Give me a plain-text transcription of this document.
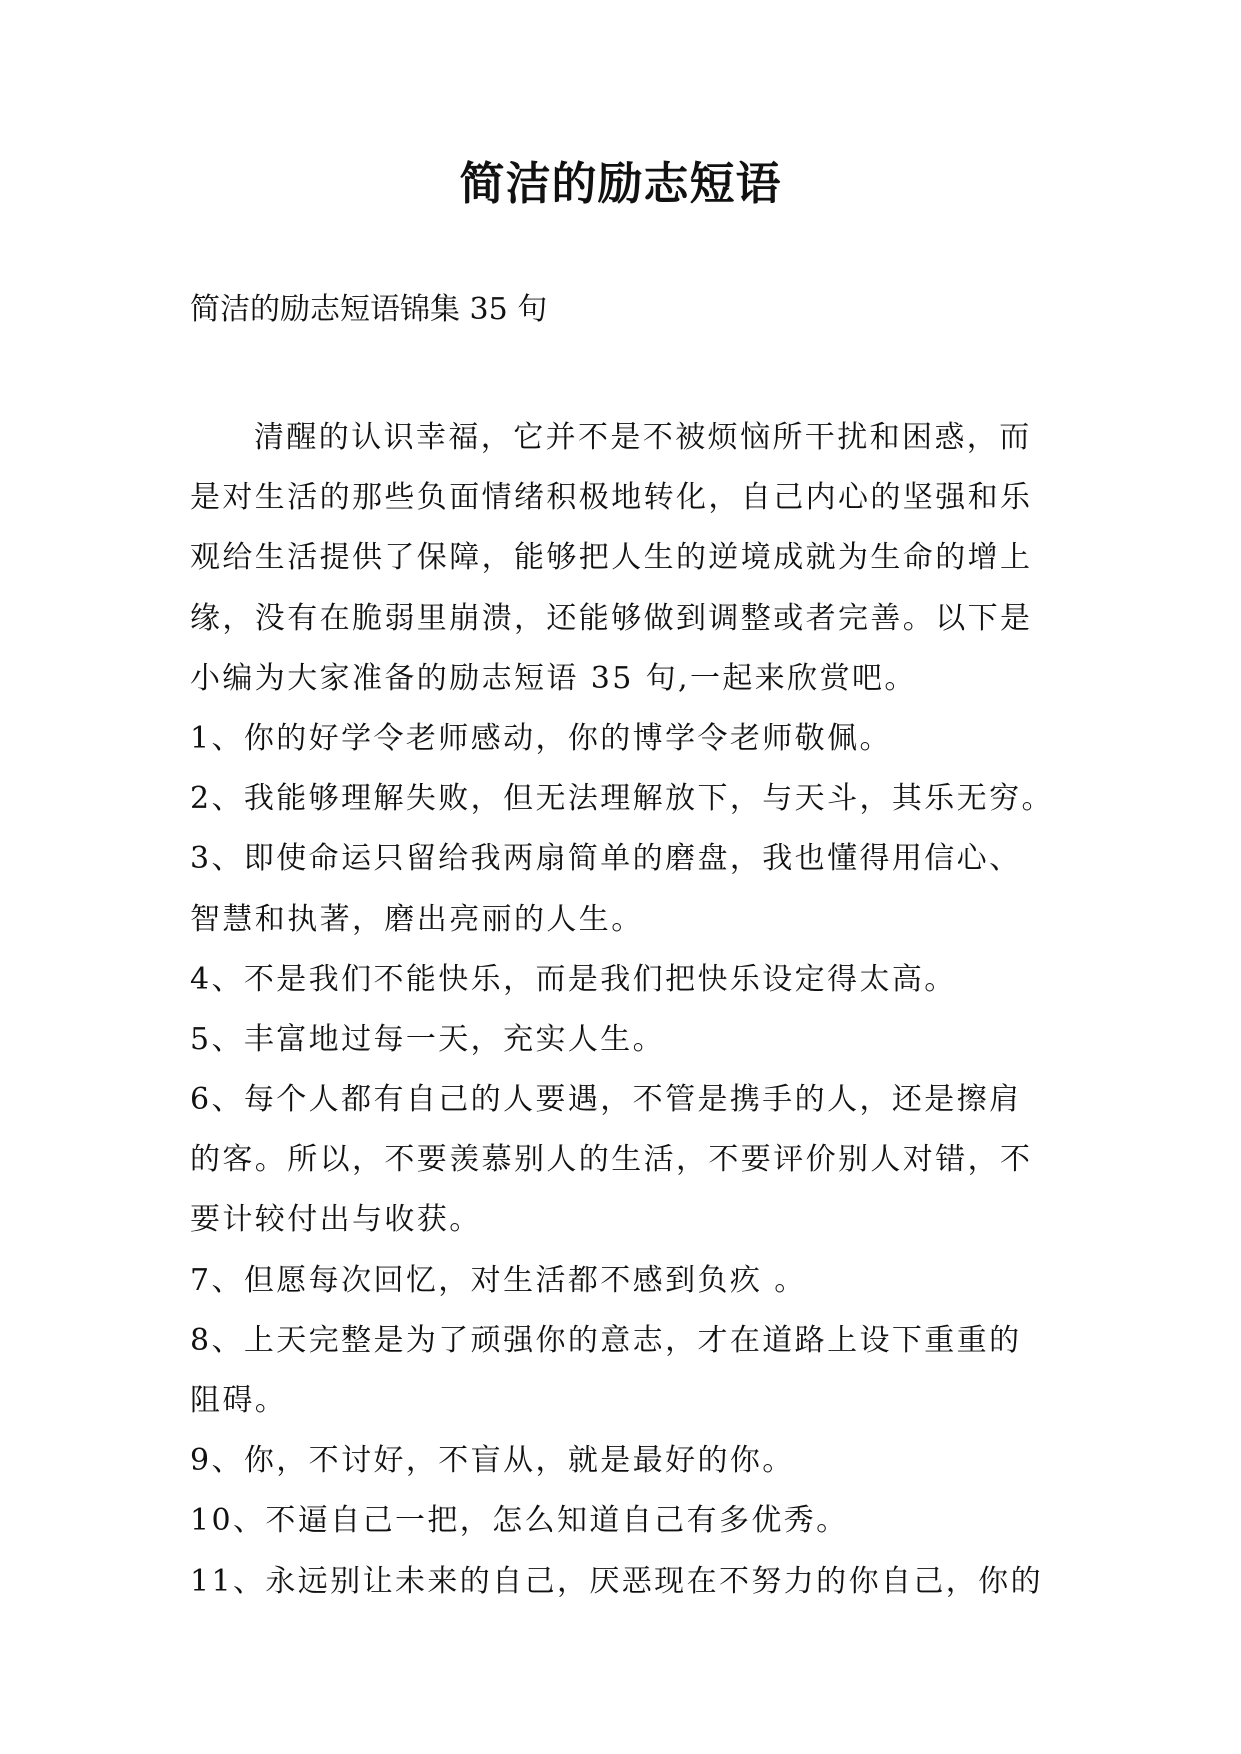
简洁的励志短语
简洁的励志短语锦集 35 句
清醒的认识幸福，它并不是不被烦恼所干扰和困惑，而
是对生活的那些负面情绪积极地转化，自己内心的坚强和乐
观给生活提供了保障，能够把人生的逆境成就为生命的增上
缘，没有在脆弱里崩溃，还能够做到调整或者完善。以下是
小编为大家准备的励志短语 35 句,一起来欣赏吧。
1、你的好学令老师感动，你的博学令老师敬佩。
2、我能够理解失败，但无法理解放下，与天斗，其乐无穷。
3、即使命运只留给我两扇简单的磨盘，我也懂得用信心、
智慧和执著，磨出亮丽的人生。
4、不是我们不能快乐，而是我们把快乐设定得太高。
5、丰富地过每一天，充实人生。
6、每个人都有自己的人要遇，不管是携手的人，还是擦肩
的客。所以，不要羡慕别人的生活，不要评价别人对错，不
要计较付出与收获。
7、但愿每次回忆，对生活都不感到负疚 。
8、上天完整是为了顽强你的意志，才在道路上设下重重的
阻碍。
9、你，不讨好，不盲从，就是最好的你。
10、不逼自己一把，怎么知道自己有多优秀。
11、永远别让未来的自己，厌恶现在不努力的你自己，你的
